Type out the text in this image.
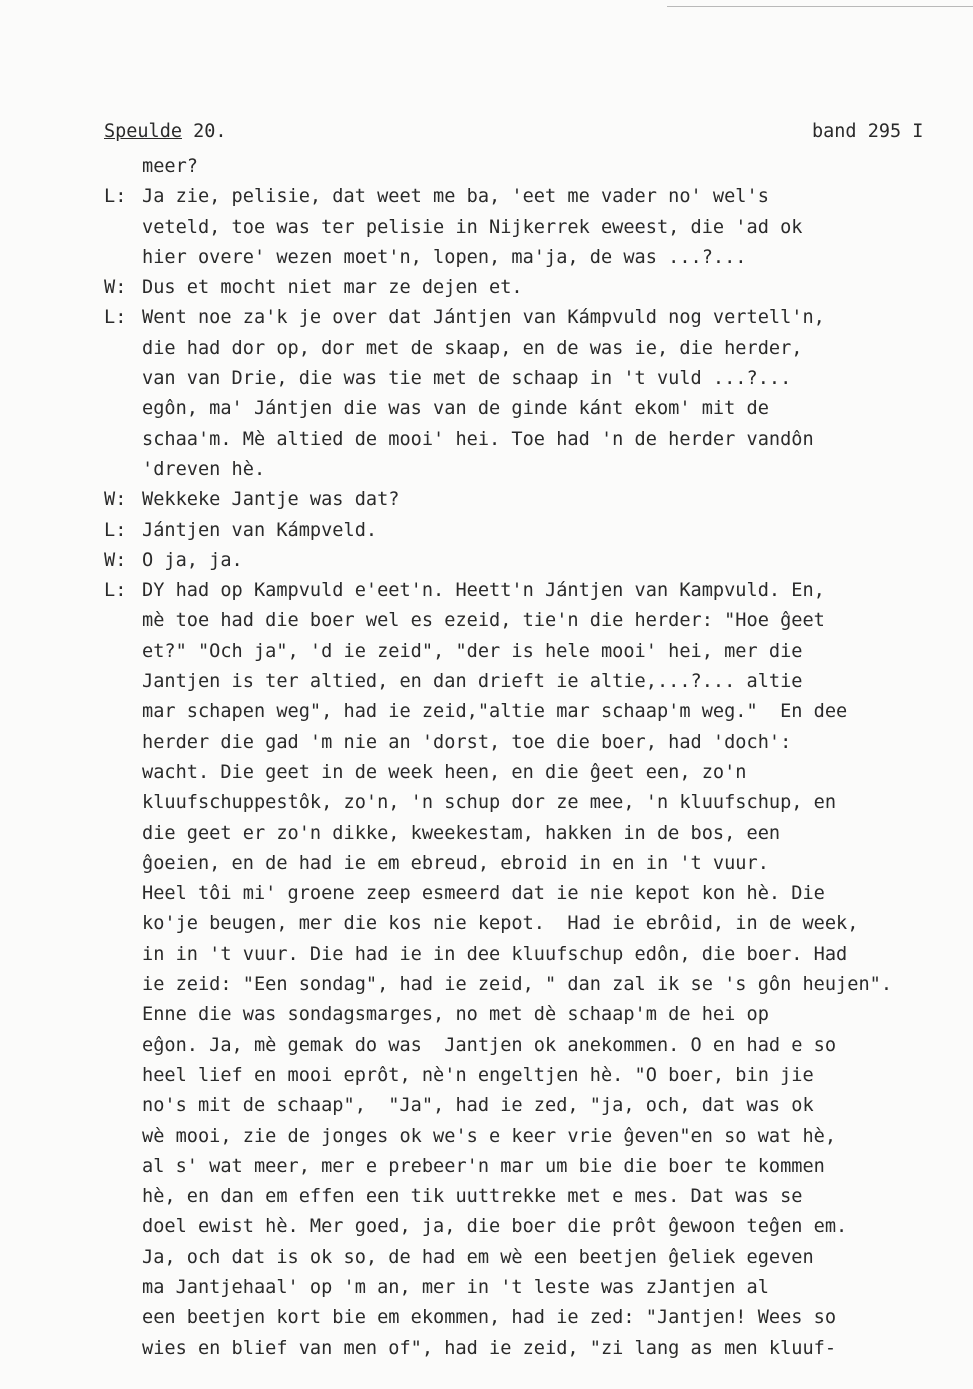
Speulde 20.	band 295 I
meer?
L: Ja zie, pelisie, dat weet me ba, 'eet me vader no' wel's
veteld, toe was ter pelisie in Nijkerrek eweest, die 'ad ok
hier overe' wezen moet'n, lopen, ma'ja, de was ...?...
W: Dus et mocht niet mar ze dejen et.
L: Went noe za'k je over dat Jántjen van Kámpvuld nog vertell'n,
die had dor op, dor met de skaap, en de was ie, die herder,
van van Drie, die was tie met de schaap in 't vuld ...?...
egôn, ma' Jántjen die was van de ginde kánt ekom' mit de
schaa'm. Mè altied de mooi' hei. Toe had 'n de herder vandôn
'dreven hè.
W: Wekkeke Jantje was dat?
L: Jántjen van Kámpveld.
W: O ja, ja.
L: DY had op Kampvuld e'eet'n. Heett'n Jántjen van Kampvuld. En,
mè toe had die boer wel es ezeid, tie'n die herder: "Hoe ĝeet
et?" "Och ja", 'd ie zeid", "der is hele mooi' hei, mer die
Jantjen is ter altied, en dan drieft ie altie,...?... altie
mar schapen weg", had ie zeid,"altie mar schaap'm weg."  En dee
herder die gad 'm nie an 'dorst, toe die boer, had 'doch':
wacht. Die geet in de week heen, en die ĝeet een, zo'n
kluufschuppestôk, zo'n, 'n schup dor ze mee, 'n kluufschup, en
die geet er zo'n dikke, kweekestam, hakken in de bos, een
ĝoeien, en de had ie em ebreud, ebroid in en in 't vuur.
Heel tôi mi' groene zeep esmeerd dat ie nie kepot kon hè. Die
ko'je beugen, mer die kos nie kepot.  Had ie ebrôid, in de week,
in in 't vuur. Die had ie in dee kluufschup edôn, die boer. Had
ie zeid: "Een sondag", had ie zeid, " dan zal ik se 's gôn heujen".
Enne die was sondagsmarges, no met dè schaap'm de hei op
eĝon. Ja, mè gemak do was  Jantjen ok anekommen. O en had e so
heel lief en mooi eprôt, nè'n engeltjen hè. "O boer, bin jie
no's mit de schaap",  "Ja", had ie zed, "ja, och, dat was ok
wè mooi, zie de jonges ok we's e keer vrie ĝeven"en so wat hè,
al s' wat meer, mer e prebeer'n mar um bie die boer te kommen
hè, en dan em effen een tik uuttrekke met e mes. Dat was se
doel ewist hè. Mer goed, ja, die boer die prôt ĝewoon teĝen em.
Ja, och dat is ok so, de had em wè een beetjen ĝeliek egeven
ma Jantjehaal' op 'm an, mer in 't leste was zJantjen al
een beetjen kort bie em ekommen, had ie zed: "Jantjen! Wees so
wies en blief van men of", had ie zeid, "zi lang as men kluuf-
